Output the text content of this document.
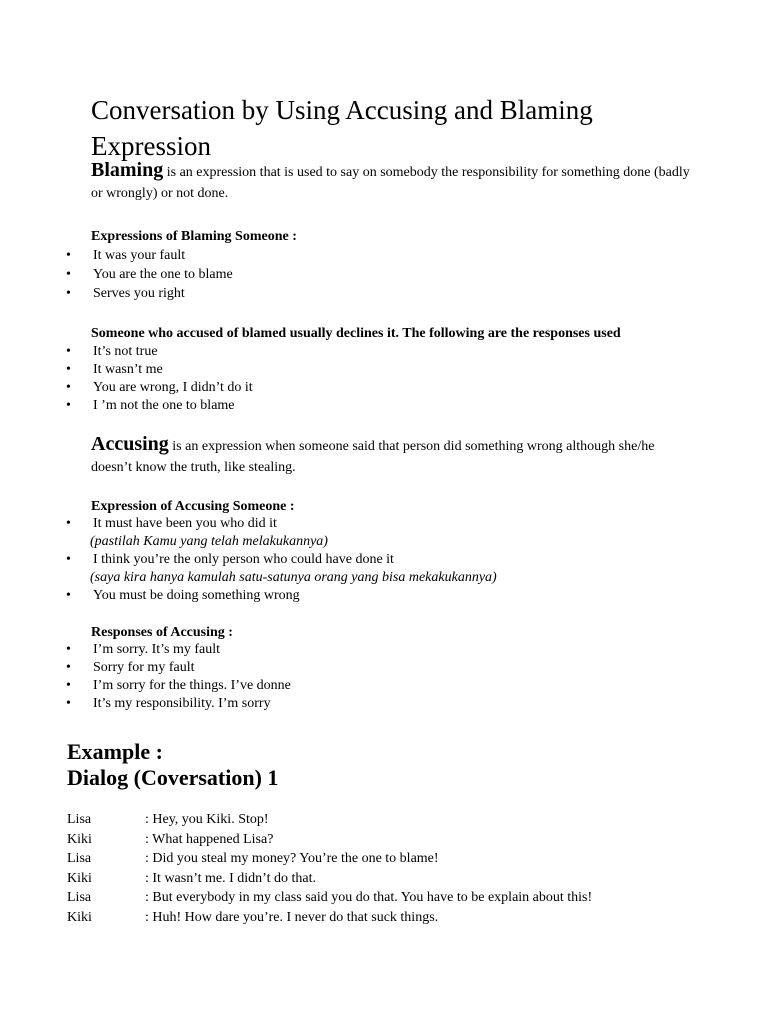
Conversation by Using Accusing and Blaming Expression

Blaming is an expression that is used to say on somebody the responsibility for something done (badly or wrongly) or not done.

Expressions of Blaming Someone :

• It was your fault
• You are the one to blame
• Serves you right

Someone who accused of blamed usually declines it. The following are the responses used

• It’s not true
• It wasn’t me
• You are wrong, I didn’t do it
• I ’m not the one to blame

Accusing is an expression when someone said that person did something wrong although she/he doesn’t know the truth, like stealing.

Expression of Accusing Someone :

• It must have been you who did it
(pastilah Kamu yang telah melakukannya)
• I think you’re the only person who could have done it
(saya kira hanya kamulah satu-satunya orang yang bisa mekakukannya)
• You must be doing something wrong

Responses of Accusing :

• I’m sorry. It’s my fault
• Sorry for my fault
• I’m sorry for the things. I’ve donne
• It’s my responsibility. I’m sorry
Example :
Dialog (Coversation) 1
Lisa	: Hey, you Kiki. Stop!
Kiki	: What happened Lisa?
Lisa	: Did you steal my money? You’re the one to blame!
Kiki	: It wasn’t me. I didn’t do that.
Lisa	: But everybody in my class said you do that. You have to be explain about this!
Kiki	: Huh! How dare you’re. I never do that suck things.
